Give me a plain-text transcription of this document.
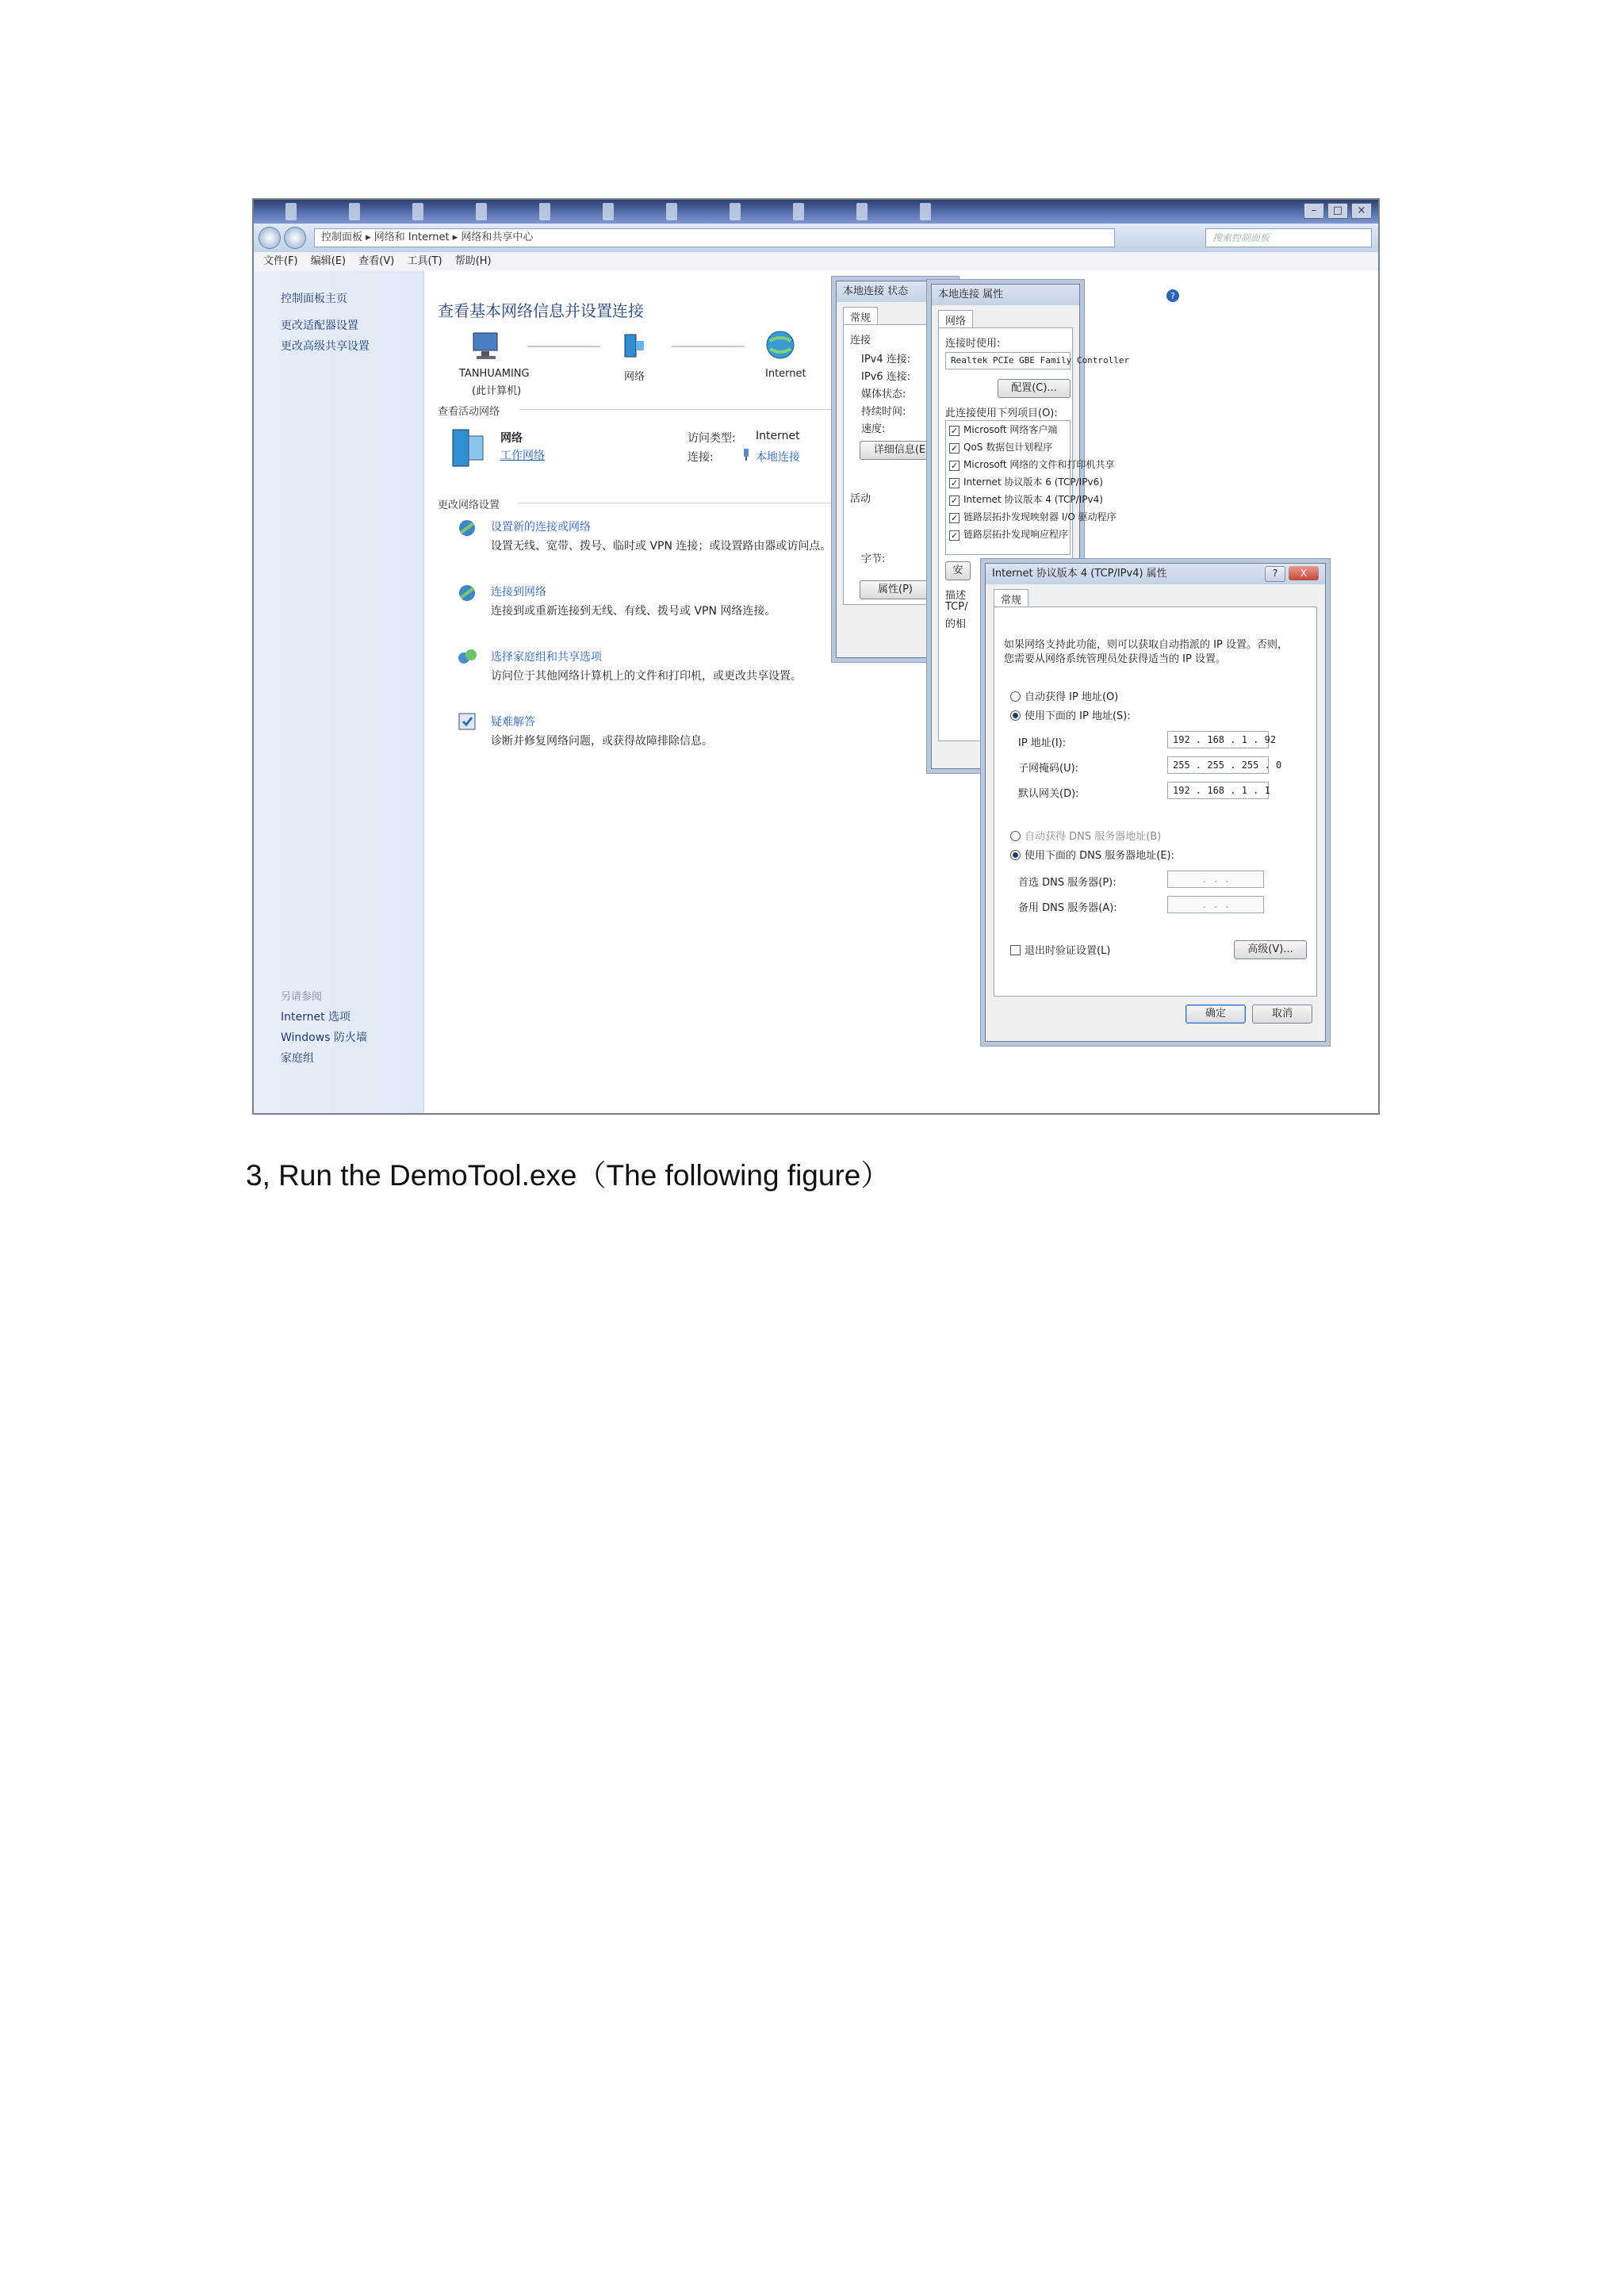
–	□	×
控制面板 ▸ 网络和 Internet ▸ 网络和共享中心	搜索控制面板
文件(F) 编辑(E) 查看(V) 工具(T) 帮助(H)
控制面板主页
更改适配器设置
更改高级共享设置
另请参阅
Internet 选项
Windows 防火墙
家庭组
?
查看基本网络信息并设置连接
TANHUAMING
(此计算机)
网络	Internet
查看活动网络
网络
工作网络
访问类型: Internet
连接:	本地连接
更改网络设置
设置新的连接或网络
设置无线、宽带、拨号、临时或 VPN 连接；或设置路由器或访问点。
连接到网络
连接到或重新连接到无线、有线、拨号或 VPN 网络连接。
选择家庭组和共享选项
访问位于其他网络计算机上的文件和打印机，或更改共享设置。
疑难解答
诊断并修复网络问题，或获得故障排除信息。
本地连接 状态
常规
连接
IPv4 连接:
IPv6 连接:
媒体状态:
持续时间:
速度:
详细信息(E)
活动
字节:
属性(P)
本地连接 属性
网络
连接时使用:
Realtek PCIe GBE Family Controller
配置(C)...
此连接使用下列项目(O):
✓ Microsoft 网络客户端
✓ QoS 数据包计划程序
✓ Microsoft 网络的文件和打印机共享
✓ Internet 协议版本 6 (TCP/IPv6)
✓ Internet 协议版本 4 (TCP/IPv4)
✓ 链路层拓扑发现映射器 I/O 驱动程序
✓ 链路层拓扑发现响应程序
安
描述
TCP/
的相
Internet 协议版本 4 (TCP/IPv4) 属性	?	X
常规
如果网络支持此功能，则可以获取自动指派的 IP 设置。否则，
您需要从网络系统管理员处获得适当的 IP 设置。
自动获得 IP 地址(O)
使用下面的 IP 地址(S):
IP 地址(I):	192 . 168 . 1 . 92
子网掩码(U):	255 . 255 . 255 . 0
默认网关(D):	192 . 168 . 1 . 1
自动获得 DNS 服务器地址(B)
使用下面的 DNS 服务器地址(E):
首选 DNS 服务器(P):	. . .
备用 DNS 服务器(A):	. . .
退出时验证设置(L)	高级(V)...
确定	取消
3, Run the DemoTool.exe（The following figure）
